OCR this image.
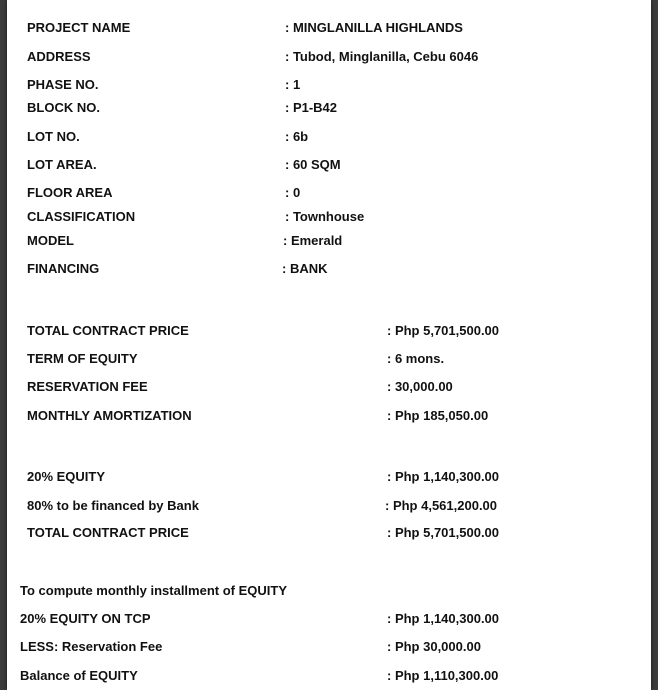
PROJECT NAME	: MINGLANILLA HIGHLANDS
ADDRESS	: Tubod, Minglanilla, Cebu 6046
PHASE NO.	: 1
BLOCK NO.	: P1-B42
LOT NO.	: 6b
LOT AREA.	: 60 SQM
FLOOR AREA	: 0
CLASSIFICATION	: Townhouse
MODEL	: Emerald
FINANCING	: BANK
TOTAL CONTRACT PRICE	: Php 5,701,500.00
TERM OF EQUITY	: 6 mons.
RESERVATION FEE	: 30,000.00
MONTHLY AMORTIZATION	: Php 185,050.00
20% EQUITY	: Php 1,140,300.00
80% to be financed by Bank	: Php 4,561,200.00
TOTAL CONTRACT PRICE	: Php 5,701,500.00
To compute monthly installment of EQUITY
20% EQUITY ON TCP	: Php 1,140,300.00
LESS: Reservation Fee	: Php 30,000.00
Balance of EQUITY	: Php 1,110,300.00
